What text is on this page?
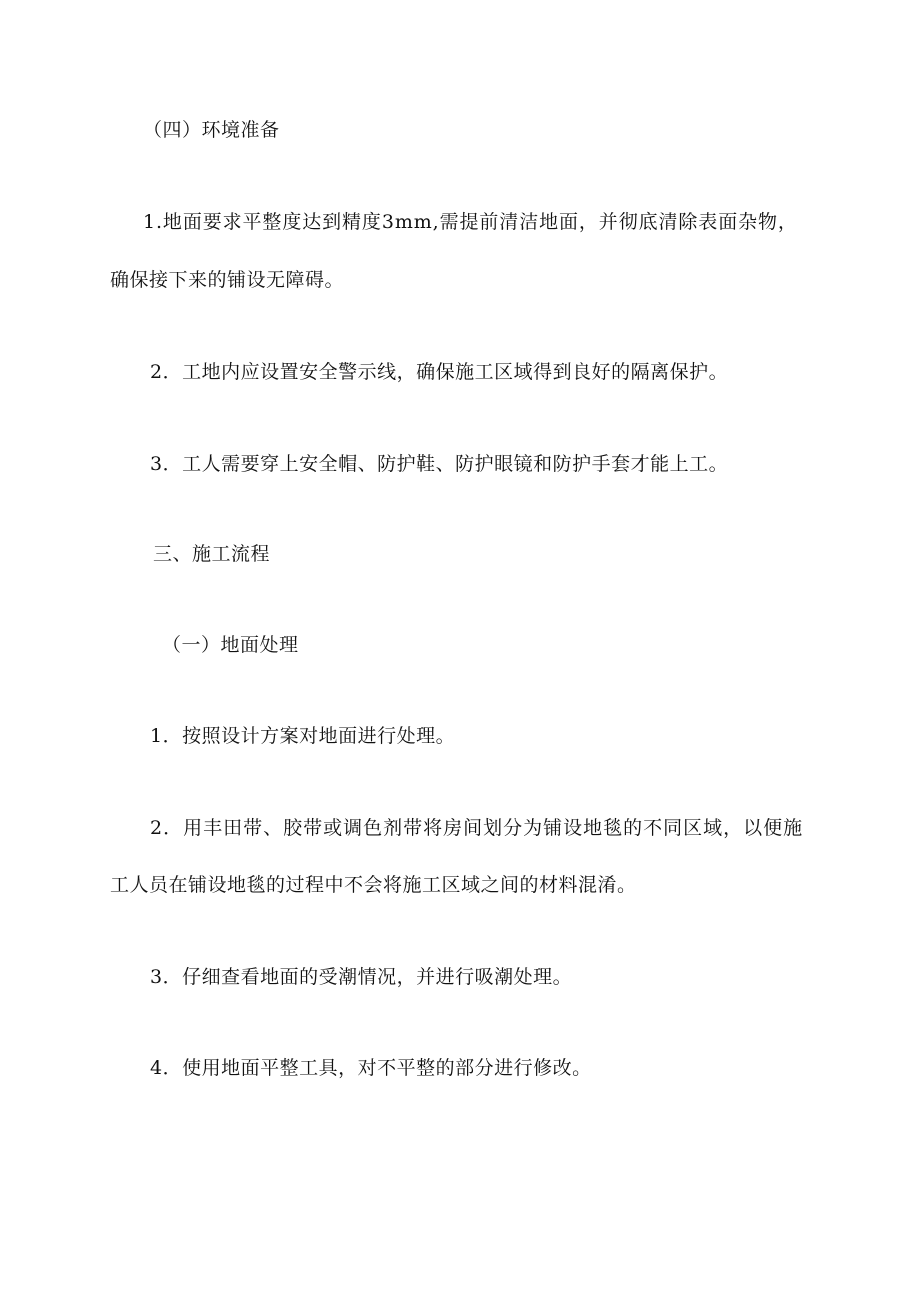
（四）环境准备

1.地面要求平整度达到精度3mm,需提前清洁地面，并彻底清除表面杂物，

确保接下来的铺设无障碍。

2．工地内应设置安全警示线，确保施工区域得到良好的隔离保护。

3．工人需要穿上安全帽、防护鞋、防护眼镜和防护手套才能上工。

三、施工流程

（一）地面处理

1．按照设计方案对地面进行处理。

2．用丰田带、胶带或调色剂带将房间划分为铺设地毯的不同区域，以便施

工人员在铺设地毯的过程中不会将施工区域之间的材料混淆。

3．仔细查看地面的受潮情况，并进行吸潮处理。

4．使用地面平整工具，对不平整的部分进行修改。
